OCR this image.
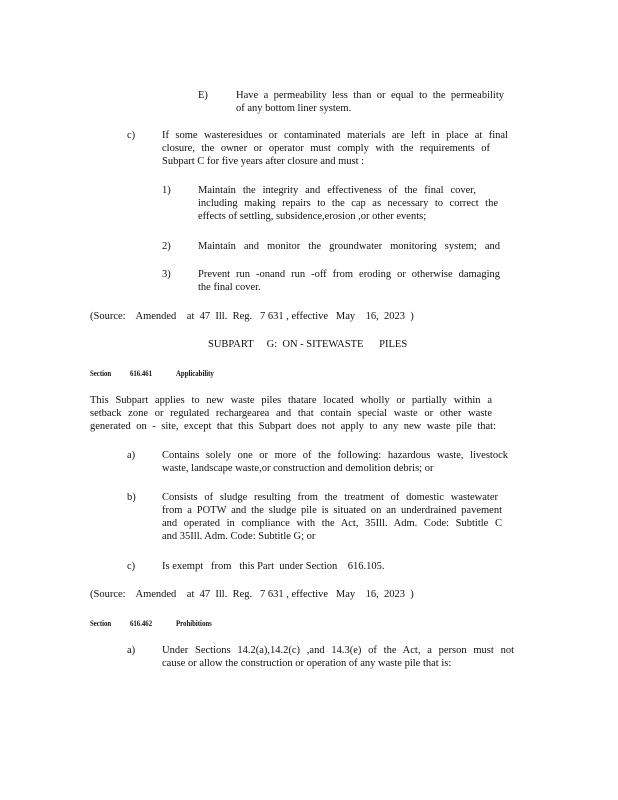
E)	Have a permeability less than or equal to the permeability
of any bottom liner system.
c)	If some wasteresidues or contaminated materials are left in place at final
closure, the owner or operator must comply with the requirements of
Subpart C for five years after closure and must :
1)	Maintain the integrity and effectiveness of the final cover,
including making repairs to the cap as necessary to correct the
effects of settling, subsidence,erosion ,or other events;
2)	Maintain and monitor the groundwater monitoring system; and
3)	Prevent run -onand run -off from eroding or otherwise damaging
the final cover.
(Source:    Amended    at  47  Ill.  Reg.   7 631 , effective   May    16,  2023  )
SUBPART     G:  ON - SITEWASTE      PILES
Section 616.461	Applicability
This Subpart applies to new waste piles thatare located wholly or partially within a
setback zone or regulated rechargearea and that contain special waste or other waste
generated on - site, except that this Subpart does not apply to any new waste pile that:
a)	Contains solely one or more of the following: hazardous waste, livestock
waste, landscape waste,or construction and demolition debris; or
b)	Consists of sludge resulting from the treatment of domestic wastewater
from a POTW and the sludge pile is situated on an underdrained pavement
and operated in compliance with the Act, 35Ill. Adm. Code: Subtitle C
and 35Ill. Adm. Code: Subtitle G; or
c)	Is exempt   from   this Part  under Section    616.105.
(Source:    Amended    at  47  Ill.  Reg.   7 631 , effective   May    16,  2023  )
Section 616.462	Prohibitions
a)	Under Sections 14.2(a),14.2(c) ,and 14.3(e) of the Act, a person must not
cause or allow the construction or operation of any waste pile that is:
